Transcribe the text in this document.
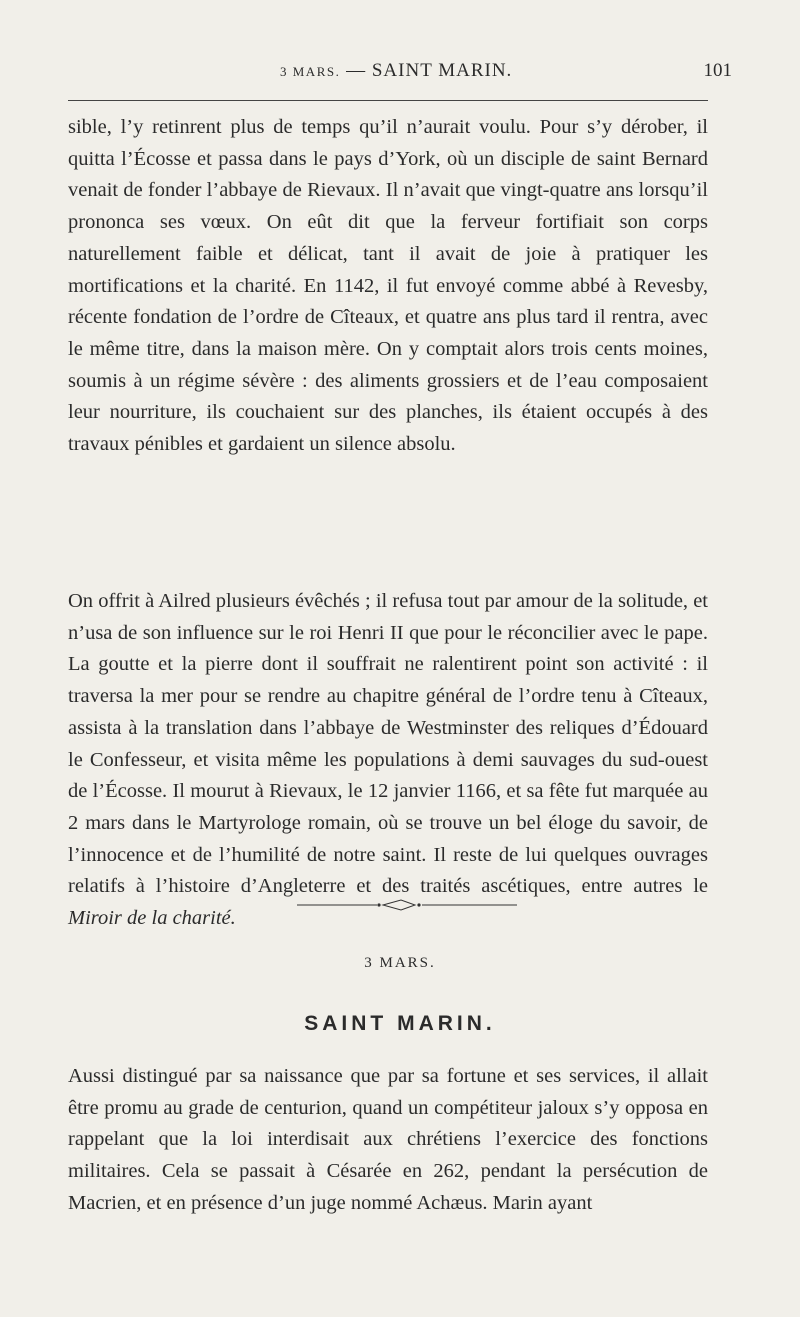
3 MARS. — SAINT MARIN.	101
sible, l’y retinrent plus de temps qu’il n’aurait voulu. Pour s’y dérober, il quitta l’Écosse et passa dans le pays d’York, où un disciple de saint Bernard venait de fonder l’abbaye de Rievaux. Il n’avait que vingt-quatre ans lorsqu’il prononca ses vœux. On eût dit que la ferveur fortifiait son corps naturellement faible et délicat, tant il avait de joie à pratiquer les mortifications et la charité. En 1142, il fut envoyé comme abbé à Revesby, récente fondation de l’ordre de Cîteaux, et quatre ans plus tard il rentra, avec le même titre, dans la maison mère. On y comptait alors trois cents moines, soumis à un régime sévère : des aliments grossiers et de l’eau composaient leur nourriture, ils couchaient sur des planches, ils étaient occupés à des travaux pénibles et gardaient un silence absolu.
On offrit à Ailred plusieurs évêchés ; il refusa tout par amour de la solitude, et n’usa de son influence sur le roi Henri II que pour le réconcilier avec le pape. La goutte et la pierre dont il souffrait ne ralentirent point son activité : il traversa la mer pour se rendre au chapitre général de l’ordre tenu à Cîteaux, assista à la translation dans l’abbaye de Westminster des reliques d’Édouard le Confesseur, et visita même les populations à demi sauvages du sud-ouest de l’Écosse. Il mourut à Rievaux, le 12 janvier 1166, et sa fête fut marquée au 2 mars dans le Martyrologe romain, où se trouve un bel éloge du savoir, de l’innocence et de l’humilité de notre saint. Il reste de lui quelques ouvrages relatifs à l’histoire d’Angleterre et des traités ascétiques, entre autres le Miroir de la charité.
3 MARS.
SAINT MARIN.
Aussi distingué par sa naissance que par sa fortune et ses services, il allait être promu au grade de centurion, quand un compétiteur jaloux s’y opposa en rappelant que la loi interdisait aux chrétiens l’exercice des fonctions militaires. Cela se passait à Césarée en 262, pendant la persécution de Macrien, et en présence d’un juge nommé Achæus. Marin ayant
